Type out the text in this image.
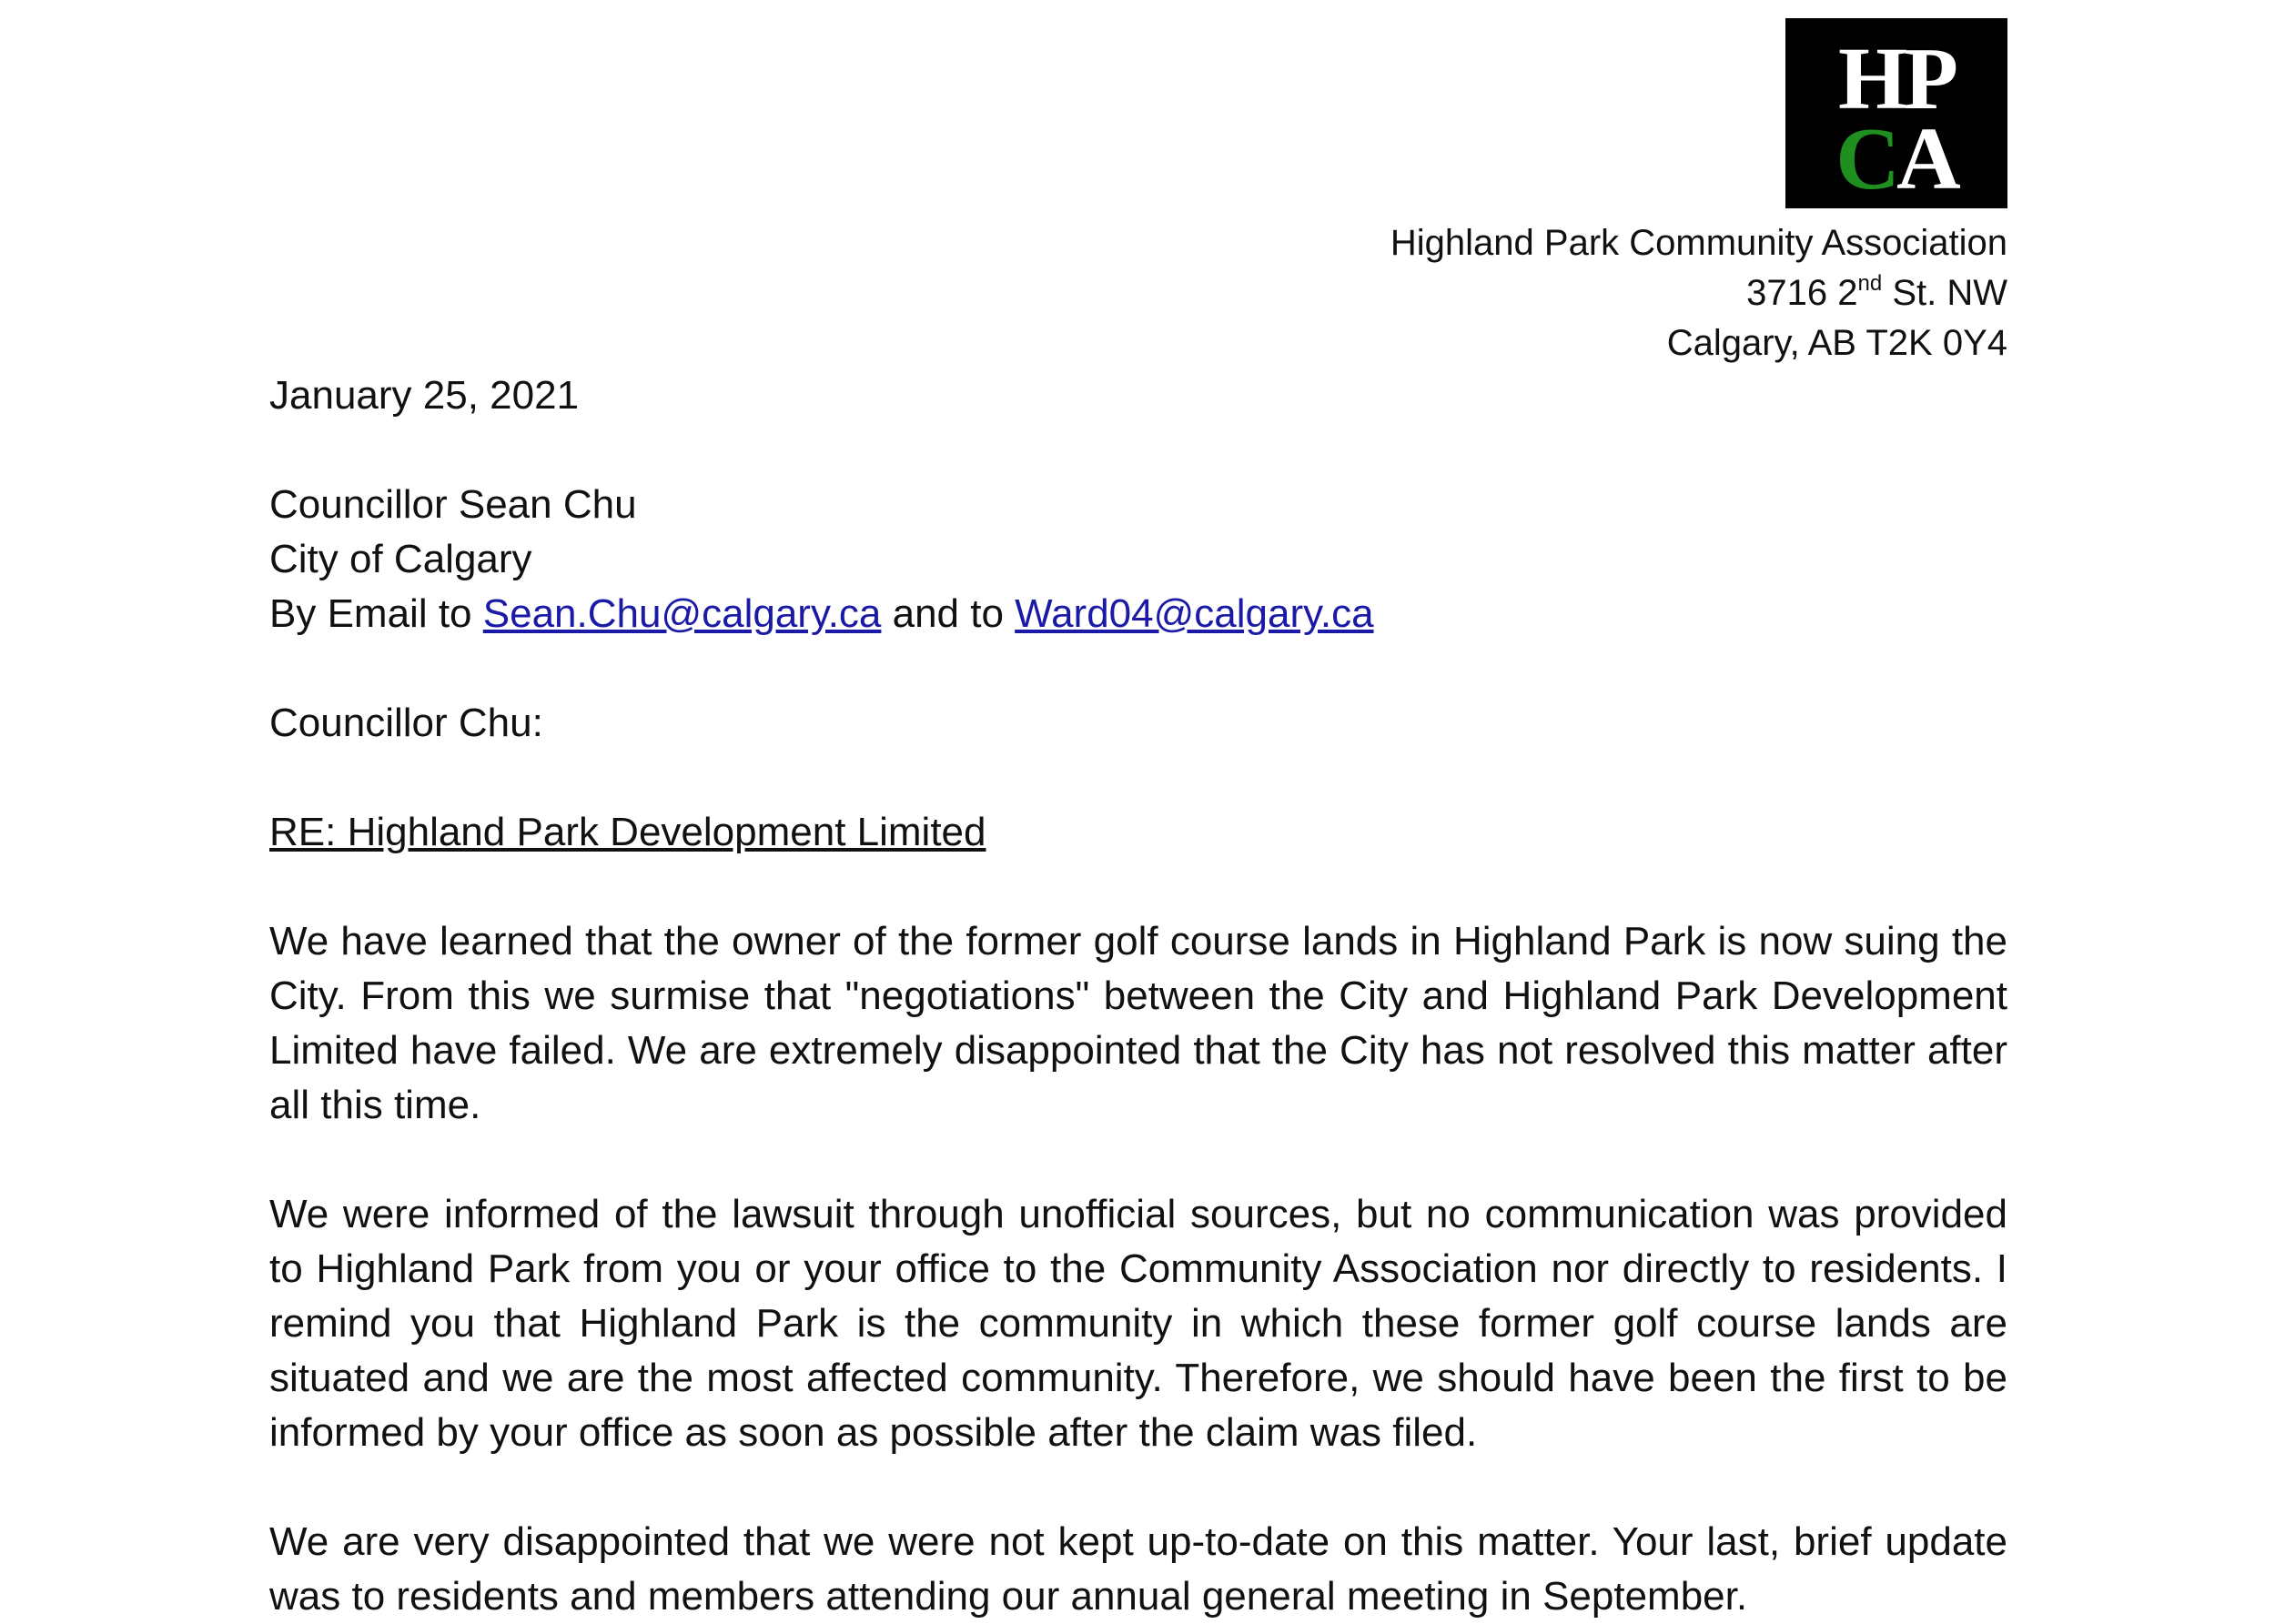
HP
CA
Highland Park Community Association
3716 2nd St. NW
Calgary, AB T2K 0Y4
January 25, 2021
Councillor Sean Chu
City of Calgary
By Email to Sean.Chu@calgary.ca and to Ward04@calgary.ca
Councillor Chu:
RE: Highland Park Development Limited

We have learned that the owner of the former golf course lands in Highland Park is now suing the City. From this we surmise that "negotiations" between the City and Highland Park Development Limited have failed. We are extremely disappointed that the City has not resolved this matter after all this time.

We were informed of the lawsuit through unofficial sources, but no communication was provided to Highland Park from you or your office to the Community Association nor directly to residents. I remind you that Highland Park is the community in which these former golf course lands are situated and we are the most affected community. Therefore, we should have been the first to be informed by your office as soon as possible after the claim was filed.

We are very disappointed that we were not kept up-to-date on this matter. Your last, brief update was to residents and members attending our annual general meeting in September.
